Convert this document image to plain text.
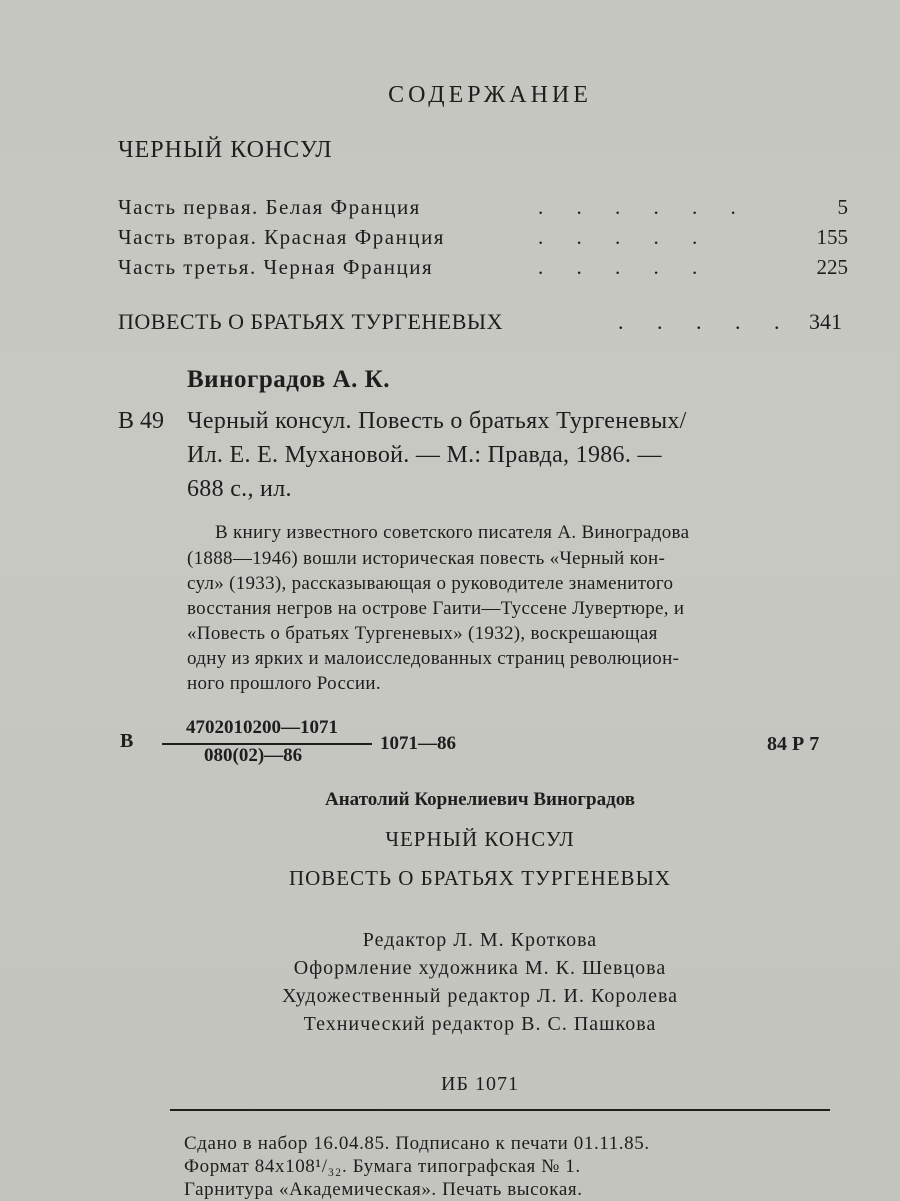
СОДЕРЖАНИЕ
ЧЕРНЫЙ КОНСУЛ
Часть первая. Белая Франция	. . . . . .	5
Часть вторая. Красная Франция	. . . . .	155
Часть третья. Черная Франция	. . . . .	225
ПОВЕСТЬ О БРАТЬЯХ ТУРГЕНЕВЫХ	. . . . . 341
Виноградов А. К.
В 49 Черный консул. Повесть о братьях Тургеневых/
Ил. Е. Е. Мухановой. — М.: Правда, 1986. —
688 с., ил.
В книгу известного советского писателя А. Виноградова
(1888—1946) вошли историческая повесть «Черный кон-
сул» (1933), рассказывающая о руководителе знаменитого
восстания негров на острове Гаити—Туссене Лувертюре, и
«Повесть о братьях Тургеневых» (1932), воскрешающая
одну из ярких и малоисследованных страниц революцион-
ного прошлого России.
В
4702010200—1071
080(02)—86
1071—86	84 Р 7
Анатолий Корнелиевич Виноградов
ЧЕРНЫЙ КОНСУЛ
ПОВЕСТЬ О БРАТЬЯХ ТУРГЕНЕВЫХ
Редактор Л. М. Кроткова
Оформление художника М. К. Шевцова
Художественный редактор Л. И. Королева
Технический редактор В. С. Пашкова
ИБ 1071
Сдано в набор 16.04.85. Подписано к печати 01.11.85.
Формат 84х108¹/₃₂. Бумага типографская № 1.
Гарнитура «Академическая». Печать высокая.
